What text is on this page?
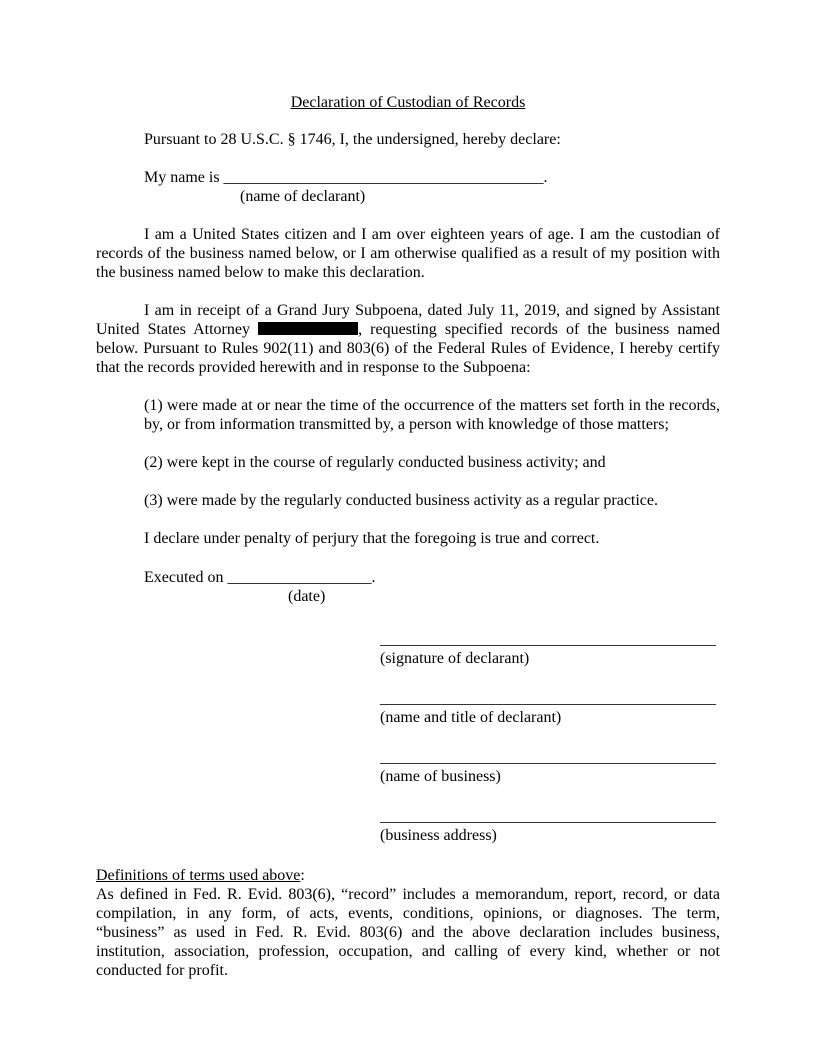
Declaration of Custodian of Records

Pursuant to 28 U.S.C. § 1746, I, the undersigned, hereby declare:

My name is ________________________________________.

(name of declarant)

I am a United States citizen and I am over eighteen years of age. I am the custodian of records of the business named below, or I am otherwise qualified as a result of my position with the business named below to make this declaration.

I am in receipt of a Grand Jury Subpoena, dated July 11, 2019, and signed by Assistant United States Attorney	, requesting specified records of the business named below. Pursuant to Rules 902(11) and 803(6) of the Federal Rules of Evidence, I hereby certify that the records provided herewith and in response to the Subpoena:

(1) were made at or near the time of the occurrence of the matters set forth in the records, by, or from information transmitted by, a person with knowledge of those matters;

(2) were kept in the course of regularly conducted business activity; and

(3) were made by the regularly conducted business activity as a regular practice.

I declare under penalty of perjury that the foregoing is true and correct.

Executed on __________________.

(date)
__________________________________________
(signature of declarant)
__________________________________________
(name and title of declarant)
__________________________________________
(name of business)
__________________________________________
(business address)

Definitions of terms used above:

As defined in Fed. R. Evid. 803(6), “record” includes a memorandum, report, record, or data compilation, in any form, of acts, events, conditions, opinions, or diagnoses. The term, “business” as used in Fed. R. Evid. 803(6) and the above declaration includes business, institution, association, profession, occupation, and calling of every kind, whether or not conducted for profit.
